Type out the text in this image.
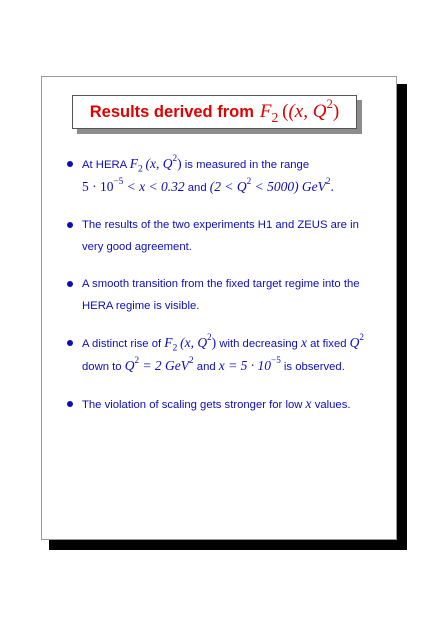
Results derived from $F_2$  ((x, $Q^2$)
At HERA $F_2$  (x, $Q^2$) is measured in the range
$5 \cdot 10^{-5} < x < 0.32$ and $(2 < Q^2 < 5000)$ GeV$^2$.
The results of the two experiments H1 and ZEUS are in
very good agreement.
A smooth transition from the fixed target regime into the
HERA regime is visible.
A distinct rise of $F_2$  (x, $Q^2$) with decreasing x at fixed $Q^2$
down to $Q^2 = 2$ GeV$^2$ and $x = 5 \cdot 10^{-5}$ is observed.
The violation of scaling gets stronger for low x values.
